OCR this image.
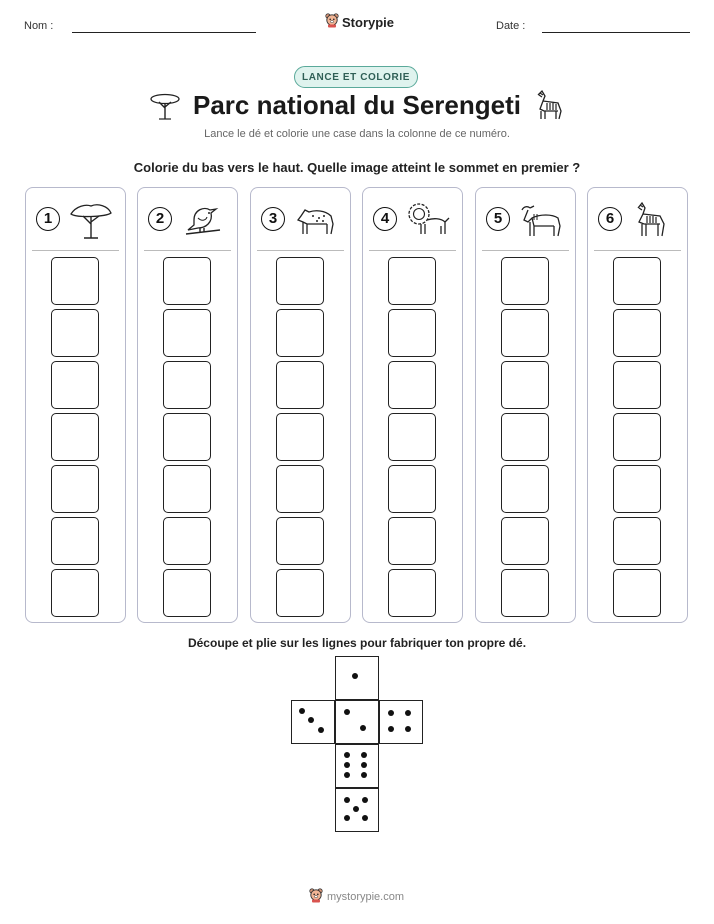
Nom :	Storypie	Date :
LANCE ET COLORIE
Parc national du Serengeti
Lance le dé et colorie une case dans la colonne de ce numéro.
Colorie du bas vers le haut. Quelle image atteint le sommet en premier ?
1	2	3	4	5	6
Découpe et plie sur les lignes pour fabriquer ton propre dé.
mystorypie.com
